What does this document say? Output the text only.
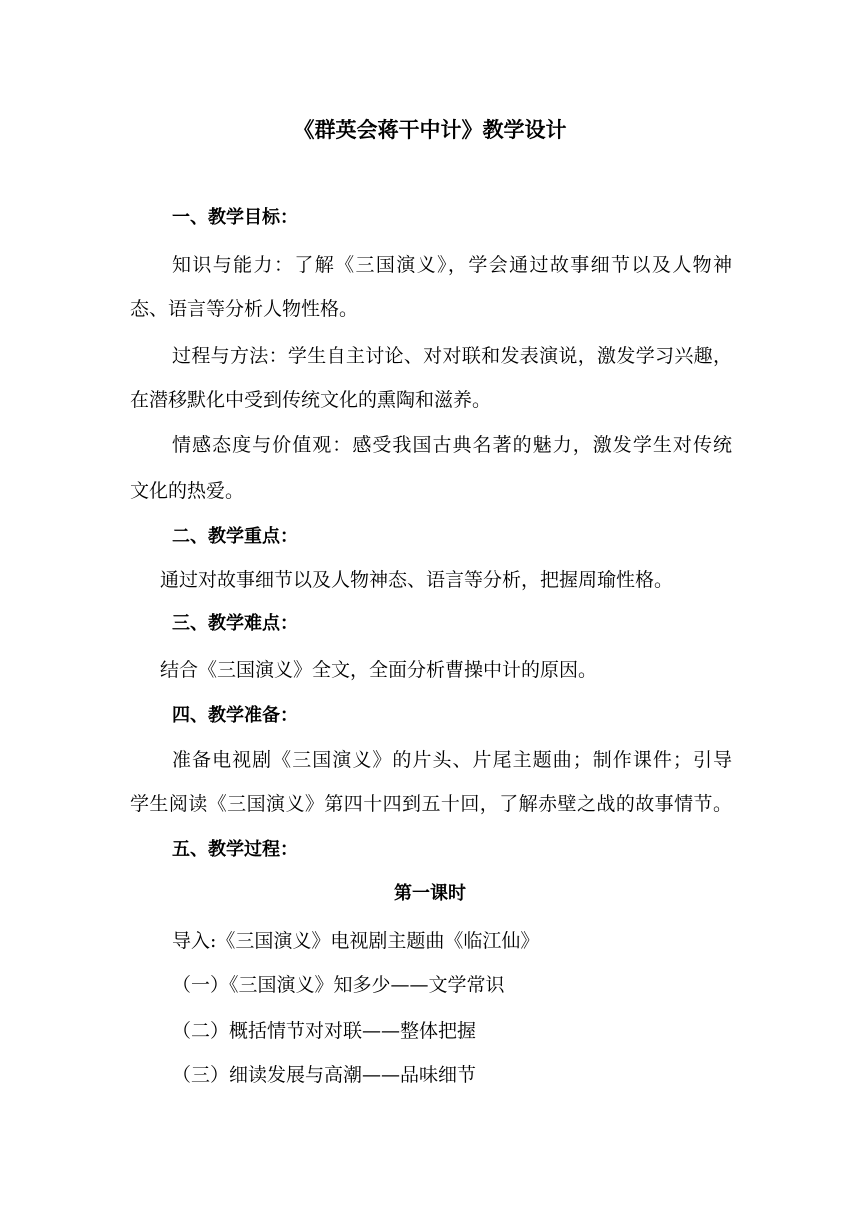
《群英会蒋干中计》教学设计
一、教学目标：
知识与能力：了解《三国演义》，学会通过故事细节以及人物神
态、语言等分析人物性格。
过程与方法：学生自主讨论、对对联和发表演说，激发学习兴趣，
在潜移默化中受到传统文化的熏陶和滋养。
情感态度与价值观：感受我国古典名著的魅力，激发学生对传统
文化的热爱。
二、教学重点：
通过对故事细节以及人物神态、语言等分析，把握周瑜性格。
三、教学难点：
结合《三国演义》全文，全面分析曹操中计的原因。
四、教学准备：
准备电视剧《三国演义》的片头、片尾主题曲；制作课件；引导
学生阅读《三国演义》第四十四到五十回，了解赤壁之战的故事情节。
五、教学过程：
第一课时
导入:《三国演义》电视剧主题曲《临江仙》
（一）《三国演义》知多少——文学常识
（二）概括情节对对联——整体把握
（三）细读发展与高潮——品味细节
